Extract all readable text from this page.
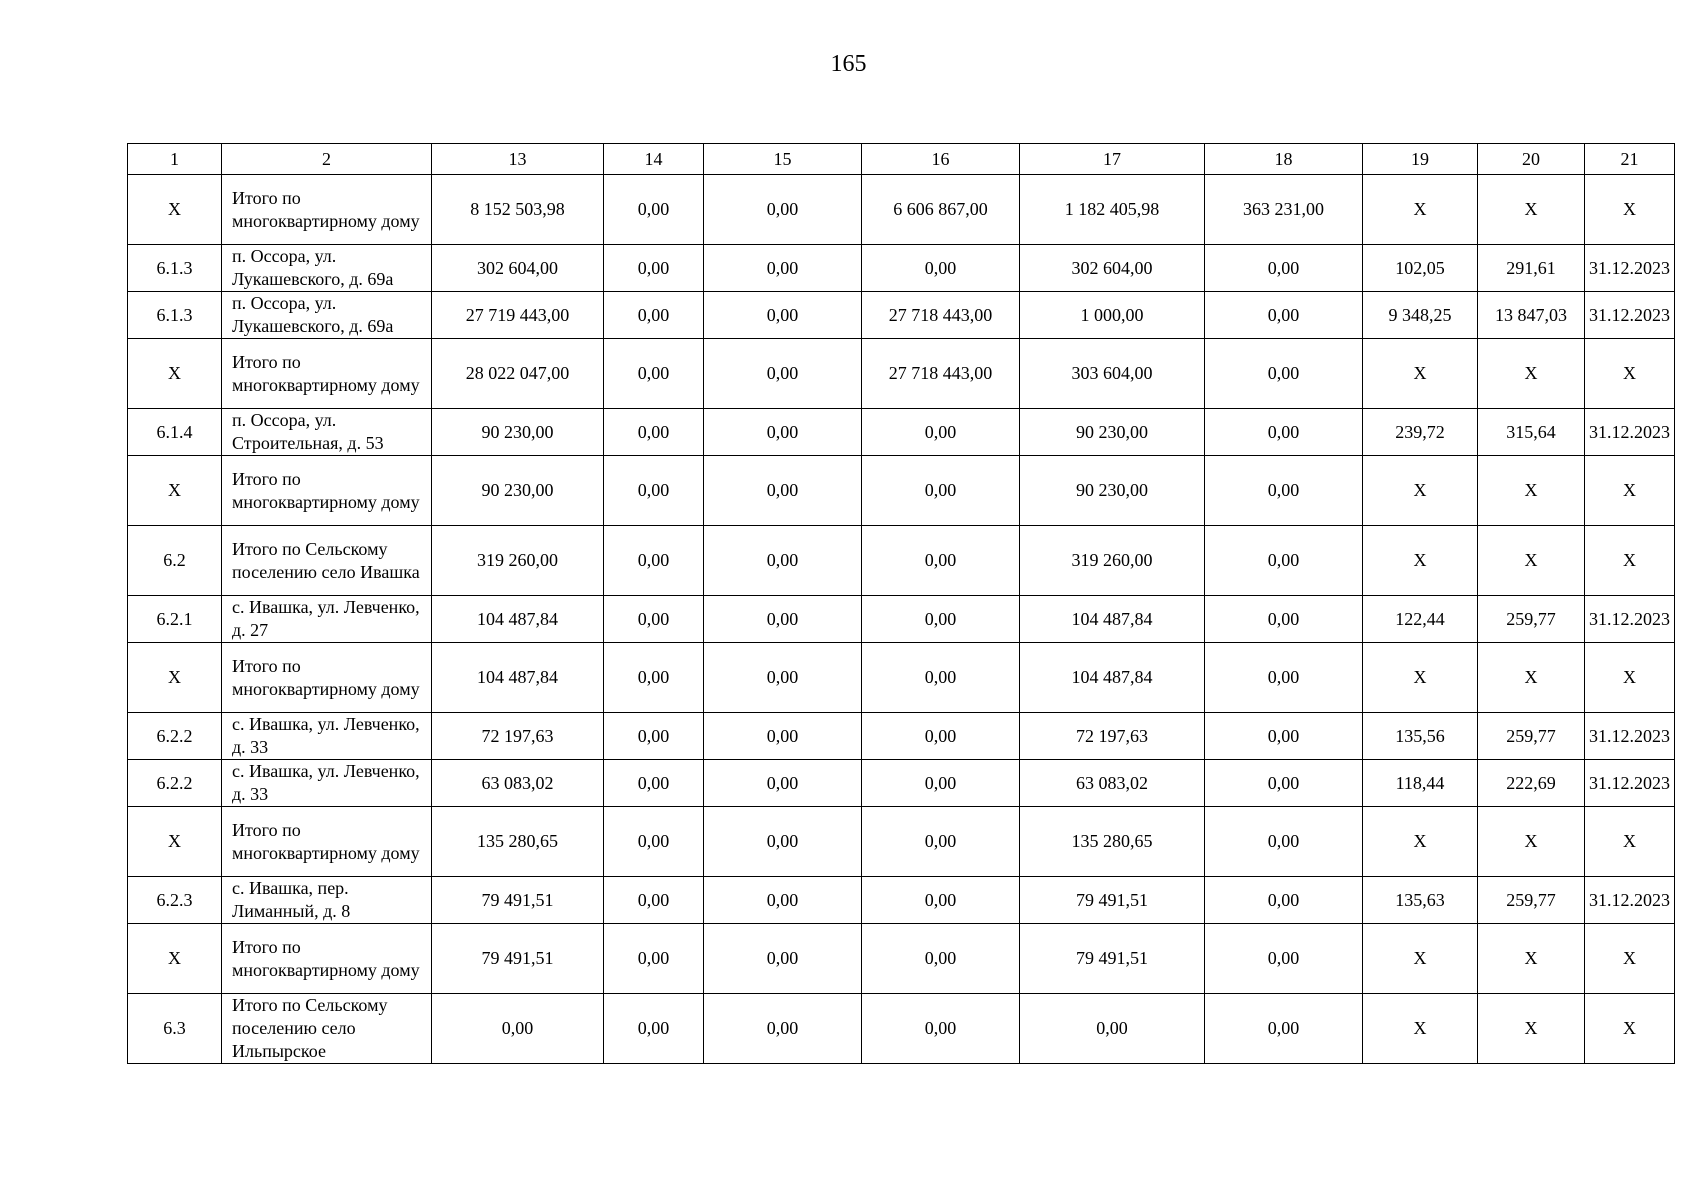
165
1	2	13	14	15	16	17	18	19	20	21
X	Итого по многоквартирному дому	8 152 503,98	0,00	0,00	6 606 867,00	1 182 405,98	363 231,00	X	X	X
6.1.3	п. Оссора, ул. Лукашевского, д. 69а	302 604,00	0,00	0,00	0,00	302 604,00	0,00	102,05	291,61	31.12.2023
6.1.3	п. Оссора, ул. Лукашевского, д. 69а	27 719 443,00	0,00	0,00	27 718 443,00	1 000,00	0,00	9 348,25	13 847,03	31.12.2023
X	Итого по многоквартирному дому	28 022 047,00	0,00	0,00	27 718 443,00	303 604,00	0,00	X	X	X
6.1.4	п. Оссора, ул. Строительная, д. 53	90 230,00	0,00	0,00	0,00	90 230,00	0,00	239,72	315,64	31.12.2023
X	Итого по многоквартирному дому	90 230,00	0,00	0,00	0,00	90 230,00	0,00	X	X	X
6.2	Итого по Сельскому поселению село Ивашка	319 260,00	0,00	0,00	0,00	319 260,00	0,00	X	X	X
6.2.1	с. Ивашка, ул. Левченко, д. 27	104 487,84	0,00	0,00	0,00	104 487,84	0,00	122,44	259,77	31.12.2023
X	Итого по многоквартирному дому	104 487,84	0,00	0,00	0,00	104 487,84	0,00	X	X	X
6.2.2	с. Ивашка, ул. Левченко, д. 33	72 197,63	0,00	0,00	0,00	72 197,63	0,00	135,56	259,77	31.12.2023
6.2.2	с. Ивашка, ул. Левченко, д. 33	63 083,02	0,00	0,00	0,00	63 083,02	0,00	118,44	222,69	31.12.2023
X	Итого по многоквартирному дому	135 280,65	0,00	0,00	0,00	135 280,65	0,00	X	X	X
6.2.3	с. Ивашка, пер. Лиманный, д. 8	79 491,51	0,00	0,00	0,00	79 491,51	0,00	135,63	259,77	31.12.2023
X	Итого по многоквартирному дому	79 491,51	0,00	0,00	0,00	79 491,51	0,00	X	X	X
6.3	Итого по Сельскому поселению село Ильпырское	0,00	0,00	0,00	0,00	0,00	0,00	X	X	X
